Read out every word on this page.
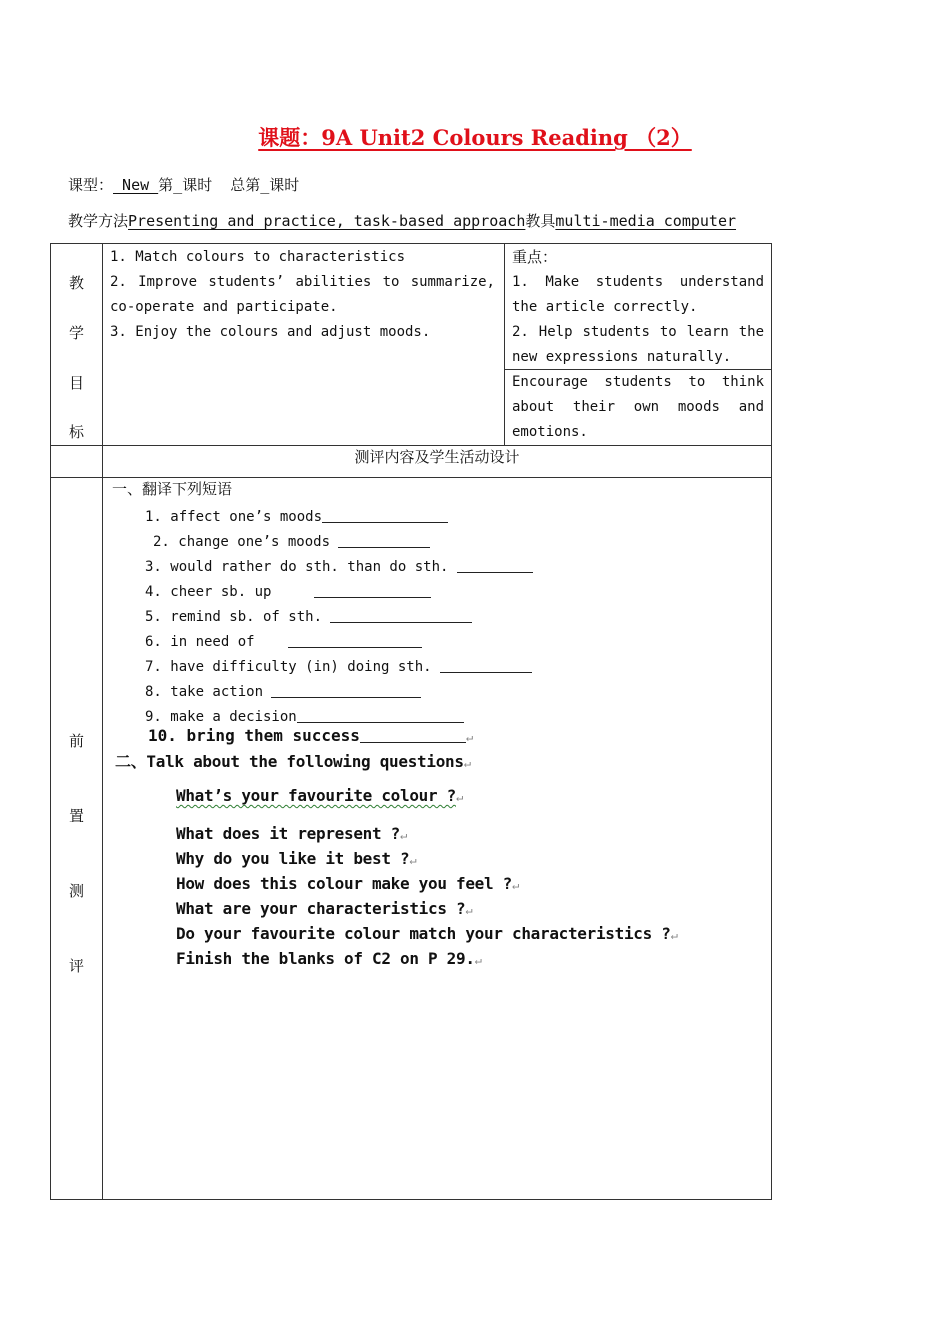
课题：9A Unit2 Colours Reading （2）
课型： New 第_课时 总第_课时
教学方法Presenting and practice, task-based approach教具multi-media computer
教
学
目
标
1. Match colours to characteristics
2. Improve students’ abilities to summarize, co-operate and participate.
3. Enjoy the colours and adjust moods.
重点：
1. Make students understand the article correctly.
2. Help students to learn the new expressions naturally.
Encourage students to think about their own moods and emotions.
测评内容及学生活动设计
前
置
测
评
一、翻译下列短语
1. affect one’s moods
2. change one’s moods
3. would rather do sth. than do sth.
4. cheer sb. up
5. remind sb. of sth.
6. in need of
7. have difficulty (in) doing sth.
8. take action
9. make a decision
10. bring them success	↵
二、Talk about the following questions↵
What’s your favourite colour ?↵
What does it represent ?↵
Why do you like it best ?↵
How does this colour make you feel ?↵
What are your characteristics ?↵
Do your favourite colour match your characteristics ?↵
Finish the blanks of C2 on P 29.↵
